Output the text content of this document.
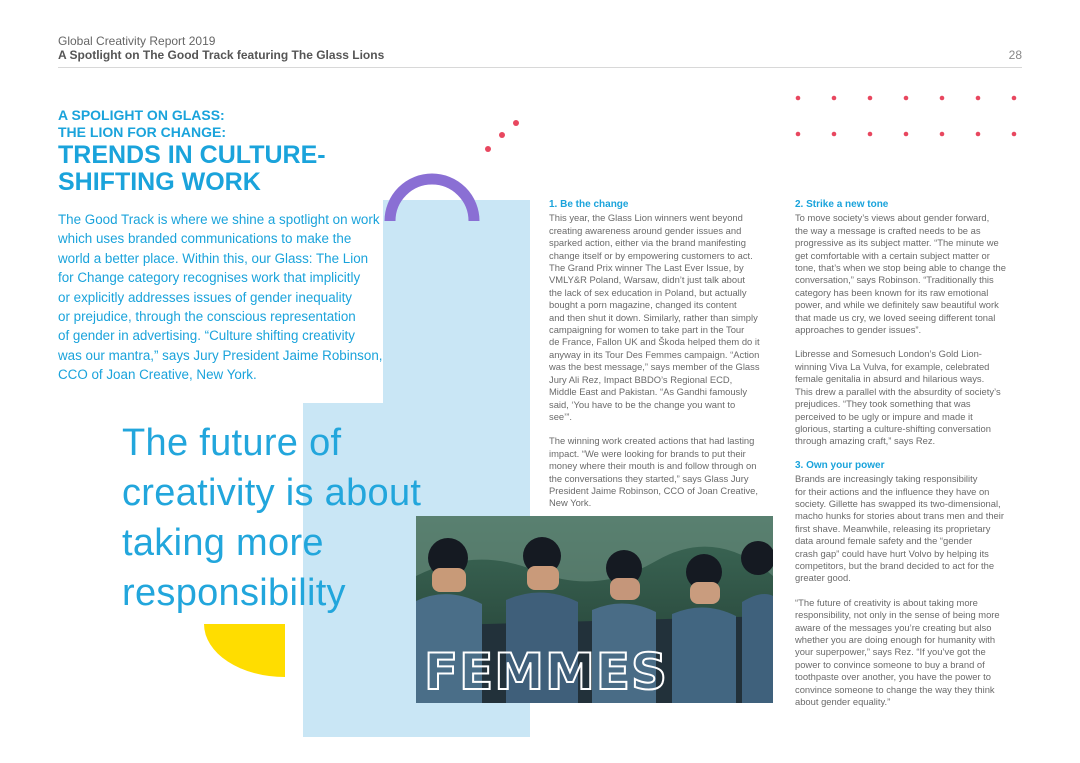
Global Creativity Report 2019
A Spotlight on The Good Track featuring The Glass Lions	28
A SPOLIGHT ON GLASS:
THE LION FOR CHANGE:
TRENDS IN CULTURE-
SHIFTING WORK
The Good Track is where we shine a spotlight on work
which uses branded communications to make the
world a better place. Within this, our Glass: The Lion
for Change category recognises work that implicitly
or explicitly addresses issues of gender inequality
or prejudice, through the conscious representation
of gender in advertising. “Culture shifting creativity
was our mantra,” says Jury President Jaime Robinson,
CCO of Joan Creative, New York.
The future of
creativity is about
taking more
responsibility
FEMMES
1. Be the change
This year, the Glass Lion winners went beyond
creating awareness around gender issues and
sparked action, either via the brand manifesting
change itself or by empowering customers to act.
The Grand Prix winner The Last Ever Issue, by
VMLY&R Poland, Warsaw, didn’t just talk about
the lack of sex education in Poland, but actually
bought a porn magazine, changed its content
and then shut it down. Similarly, rather than simply
campaigning for women to take part in the Tour
de France, Fallon UK and Škoda helped them do it
anyway in its Tour Des Femmes campaign. “Action
was the best message,” says member of the Glass
Jury Ali Rez, Impact BBDO’s Regional ECD,
Middle East and Pakistan. “As Gandhi famously
said, ‘You have to be the change you want to
see’”.
The winning work created actions that had lasting
impact. “We were looking for brands to put their
money where their mouth is and follow through on
the conversations they started,” says Glass Jury
President Jaime Robinson, CCO of Joan Creative,
New York.
2. Strike a new tone
To move society’s views about gender forward,
the way a message is crafted needs to be as
progressive as its subject matter. “The minute we
get comfortable with a certain subject matter or
tone, that’s when we stop being able to change the
conversation,” says Robinson. “Traditionally this
category has been known for its raw emotional
power, and while we definitely saw beautiful work
that made us cry, we loved seeing different tonal
approaches to gender issues”.
Libresse and Somesuch London’s Gold Lion-
winning Viva La Vulva, for example, celebrated
female genitalia in absurd and hilarious ways.
This drew a parallel with the absurdity of society’s
prejudices. “They took something that was
perceived to be ugly or impure and made it
glorious, starting a culture-shifting conversation
through amazing craft,” says Rez.
3. Own your power
Brands are increasingly taking responsibility
for their actions and the influence they have on
society. Gillette has swapped its two-dimensional,
macho hunks for stories about trans men and their
first shave. Meanwhile, releasing its proprietary
data around female safety and the “gender
crash gap” could have hurt Volvo by helping its
competitors, but the brand decided to act for the
greater good.
“The future of creativity is about taking more
responsibility, not only in the sense of being more
aware of the messages you’re creating but also
whether you are doing enough for humanity with
your superpower,” says Rez. “If you’ve got the
power to convince someone to buy a brand of
toothpaste over another, you have the power to
convince someone to change the way they think
about gender equality.”
